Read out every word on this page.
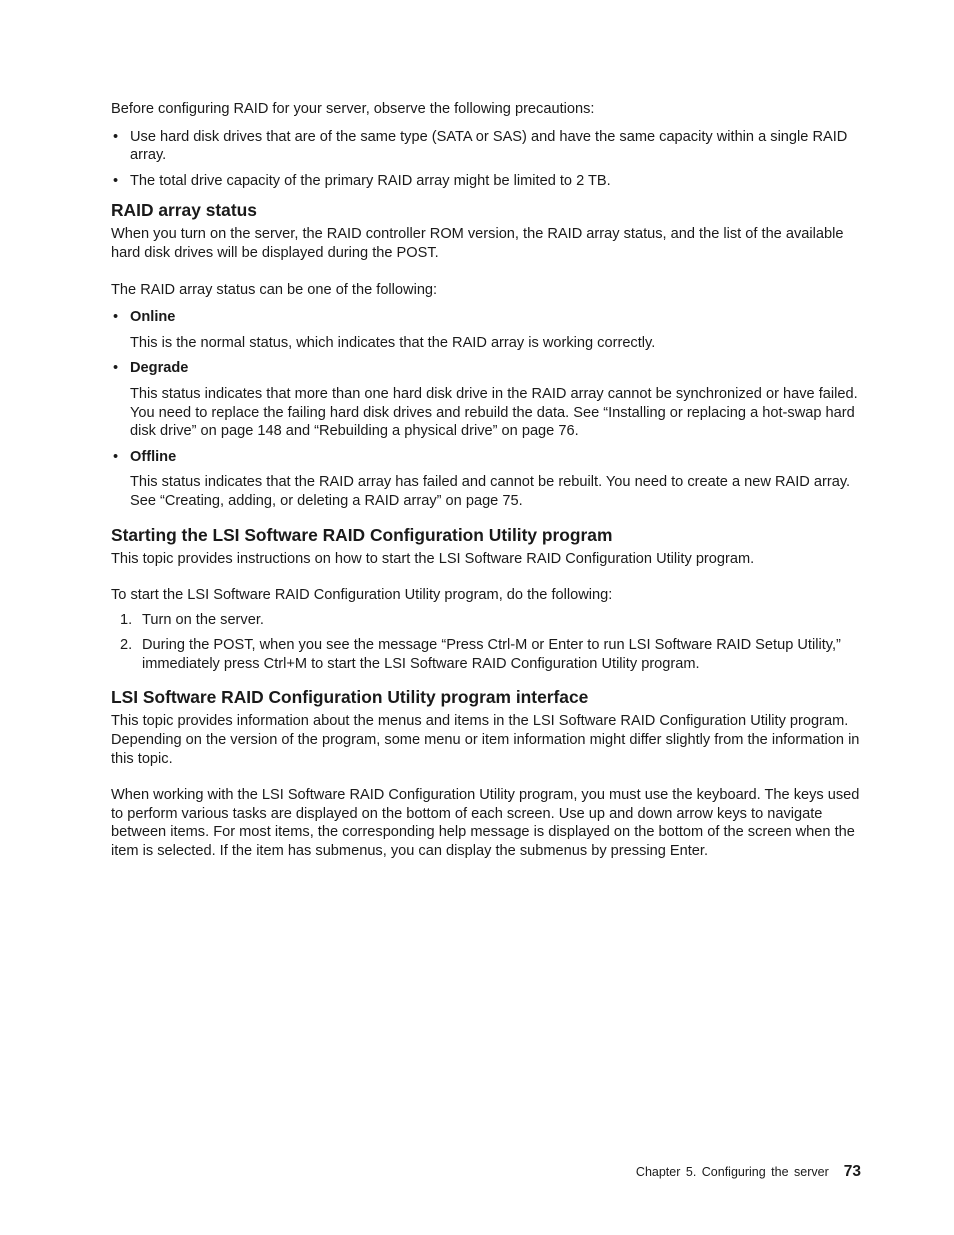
Before configuring RAID for your server, observe the following precautions:

• Use hard disk drives that are of the same type (SATA or SAS) and have the same capacity within a single RAID array.
• The total drive capacity of the primary RAID array might be limited to 2 TB.
RAID array status

When you turn on the server, the RAID controller ROM version, the RAID array status, and the list of the available hard disk drives will be displayed during the POST.

The RAID array status can be one of the following:

• Online

This is the normal status, which indicates that the RAID array is working correctly.

• Degrade

This status indicates that more than one hard disk drive in the RAID array cannot be synchronized or have failed. You need to replace the failing hard disk drives and rebuild the data. See “Installing or replacing a hot-swap hard disk drive” on page 148 and “Rebuilding a physical drive” on page 76.

• Offline

This status indicates that the RAID array has failed and cannot be rebuilt. You need to create a new RAID array. See “Creating, adding, or deleting a RAID array” on page 75.

Starting the LSI Software RAID Configuration Utility program

This topic provides instructions on how to start the LSI Software RAID Configuration Utility program.

To start the LSI Software RAID Configuration Utility program, do the following:

1. Turn on the server.
2. During the POST, when you see the message “Press Ctrl-M or Enter to run LSI Software RAID Setup Utility,” immediately press Ctrl+M to start the LSI Software RAID Configuration Utility program.
LSI Software RAID Configuration Utility program interface

This topic provides information about the menus and items in the LSI Software RAID Configuration Utility program. Depending on the version of the program, some menu or item information might differ slightly from the information in this topic.

When working with the LSI Software RAID Configuration Utility program, you must use the keyboard. The keys used to perform various tasks are displayed on the bottom of each screen. Use up and down arrow keys to navigate between items. For most items, the corresponding help message is displayed on the bottom of the screen when the item is selected. If the item has submenus, you can display the submenus by pressing Enter.

Chapter 5. Configuring the server 73
